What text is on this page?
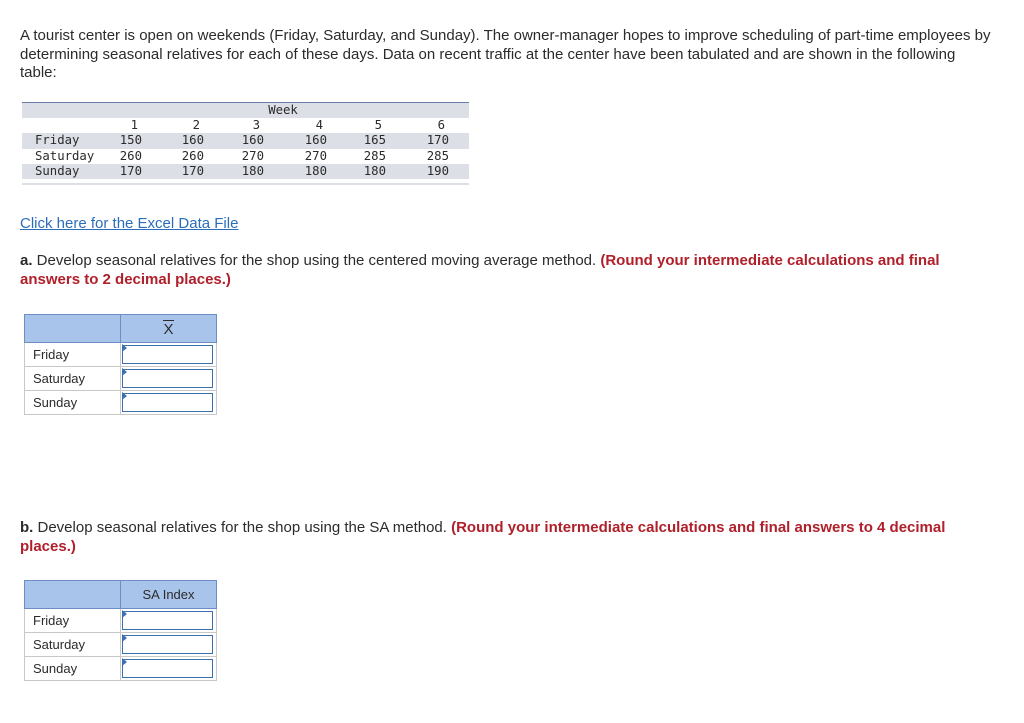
A tourist center is open on weekends (Friday, Saturday, and Sunday). The owner-manager hopes to improve scheduling of part-time employees by determining seasonal relatives for each of these days. Data on recent traffic at the center have been tabulated and are shown in the following table:

Week
1	2	3	4	5	6
Friday	150	160	160	160	165	170
Saturday 260	260	270	270	285	285
Sunday	170	170	180	180	180	190
Click here for the Excel Data File

a. Develop seasonal relatives for the shop using the centered moving average method. (Round your intermediate calculations and final answers to 2 decimal places.)

	X
Friday	

Saturday	

Sunday	

b. Develop seasonal relatives for the shop using the SA method. (Round your intermediate calculations and final answers to 4 decimal places.)

	SA Index
Friday	

Saturday	

Sunday	
